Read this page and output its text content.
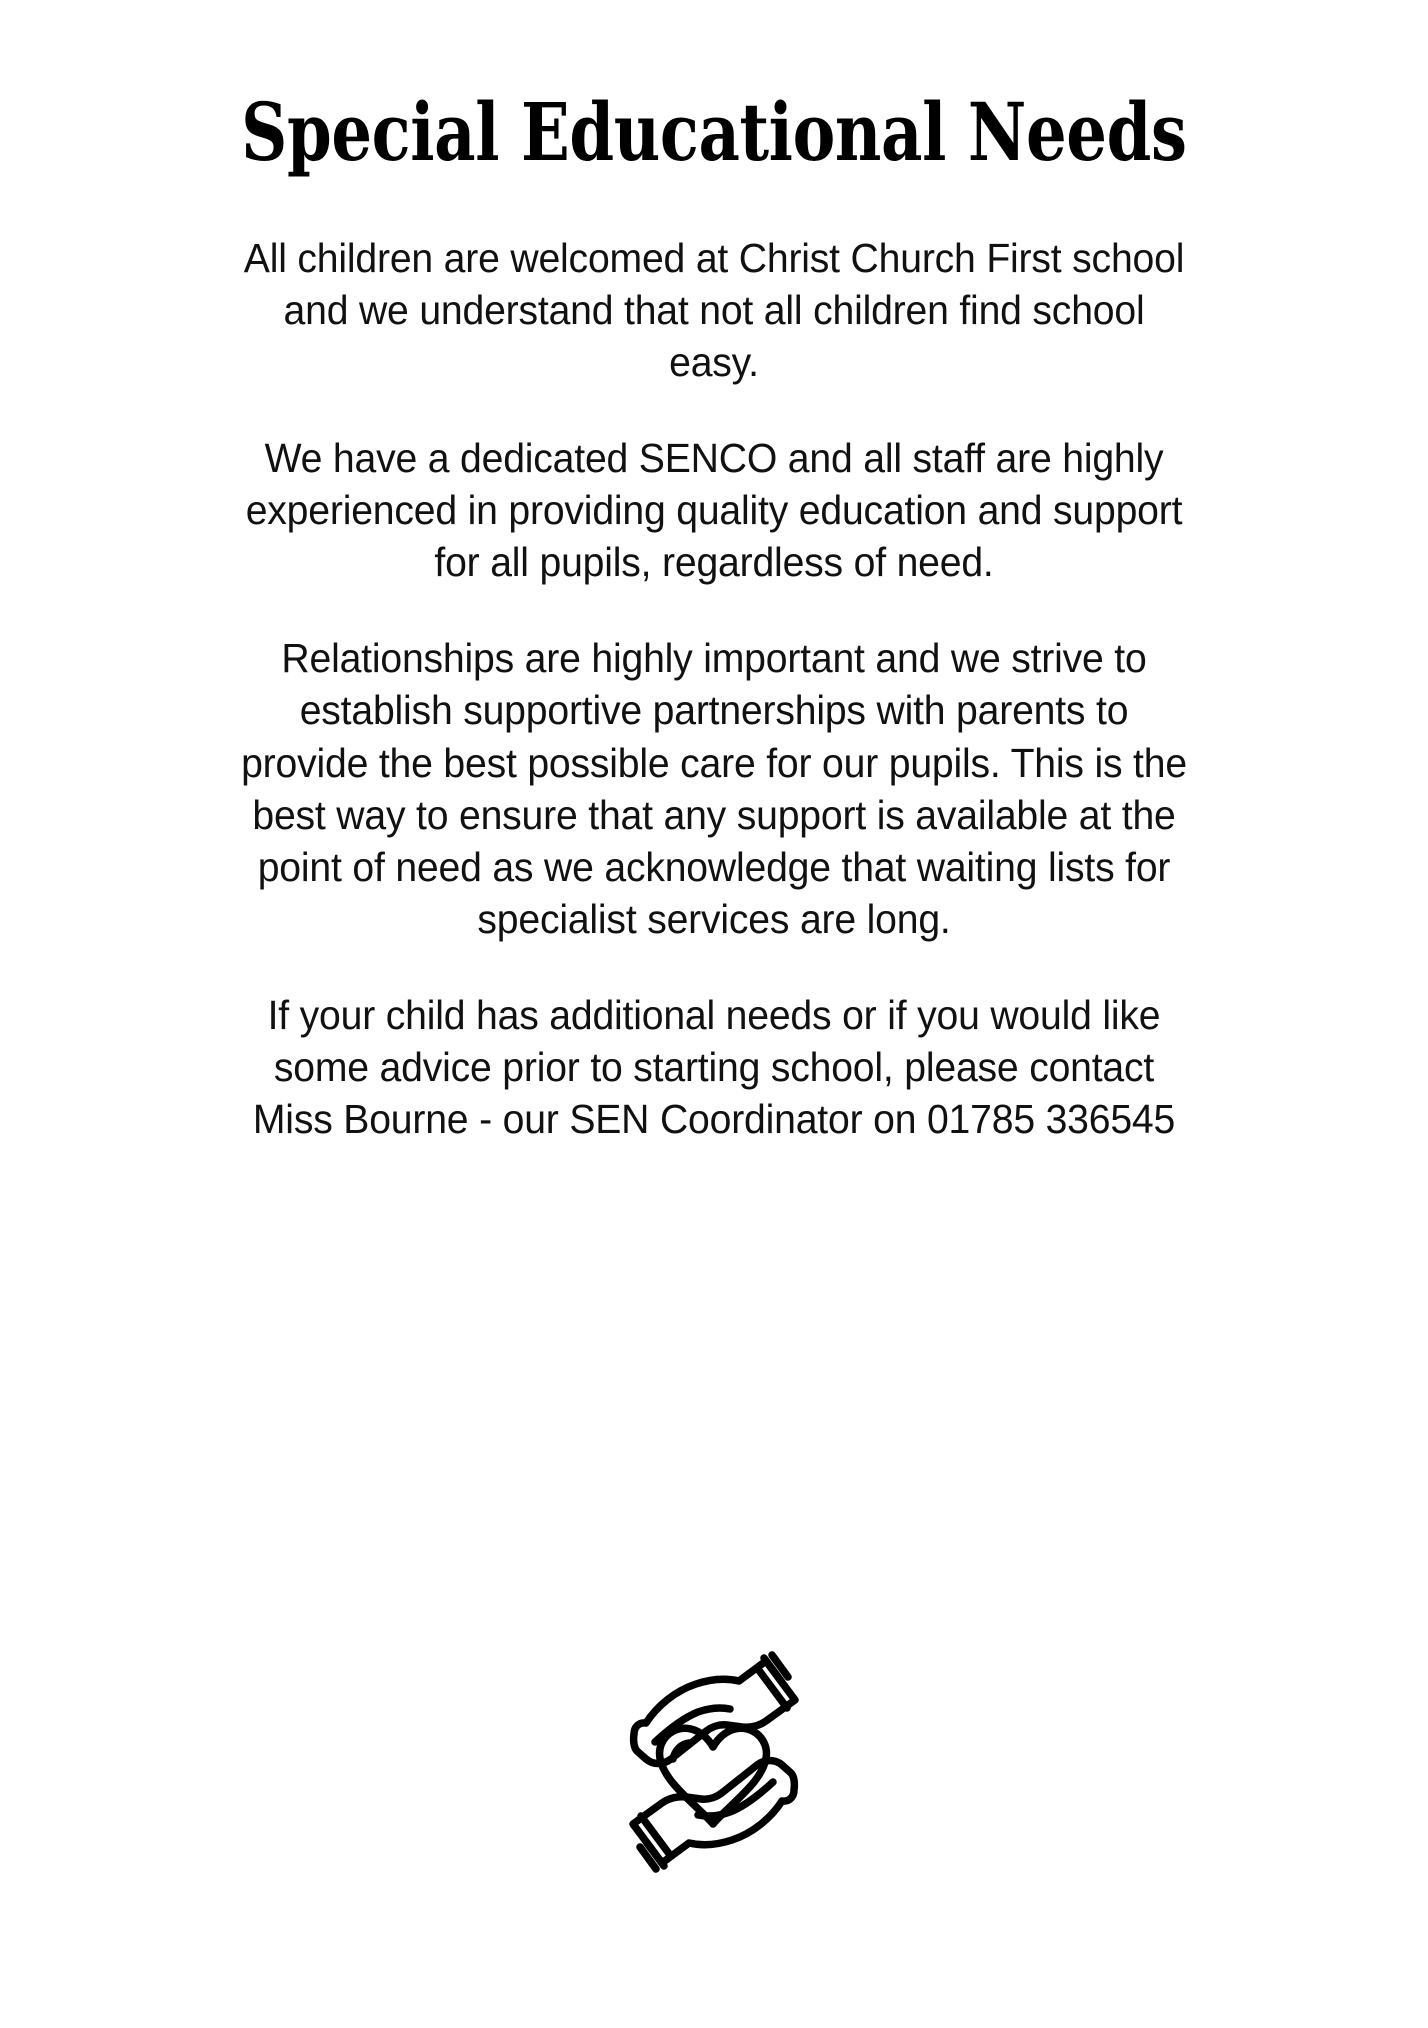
Special Educational Needs

All children are welcomed at Christ Church First school and we understand that not all children find school easy.

We have a dedicated SENCO and all staff are highly experienced in providing quality education and support for all pupils, regardless of need.

Relationships are highly important and we strive to establish supportive partnerships with parents to provide the best possible care for our pupils. This is the best way to ensure that any support is available at the point of need as we acknowledge that waiting lists for specialist services are long.

If your child has additional needs or if you would like some advice prior to starting school, please contact Miss Bourne - our SEN Coordinator on 01785 336545
